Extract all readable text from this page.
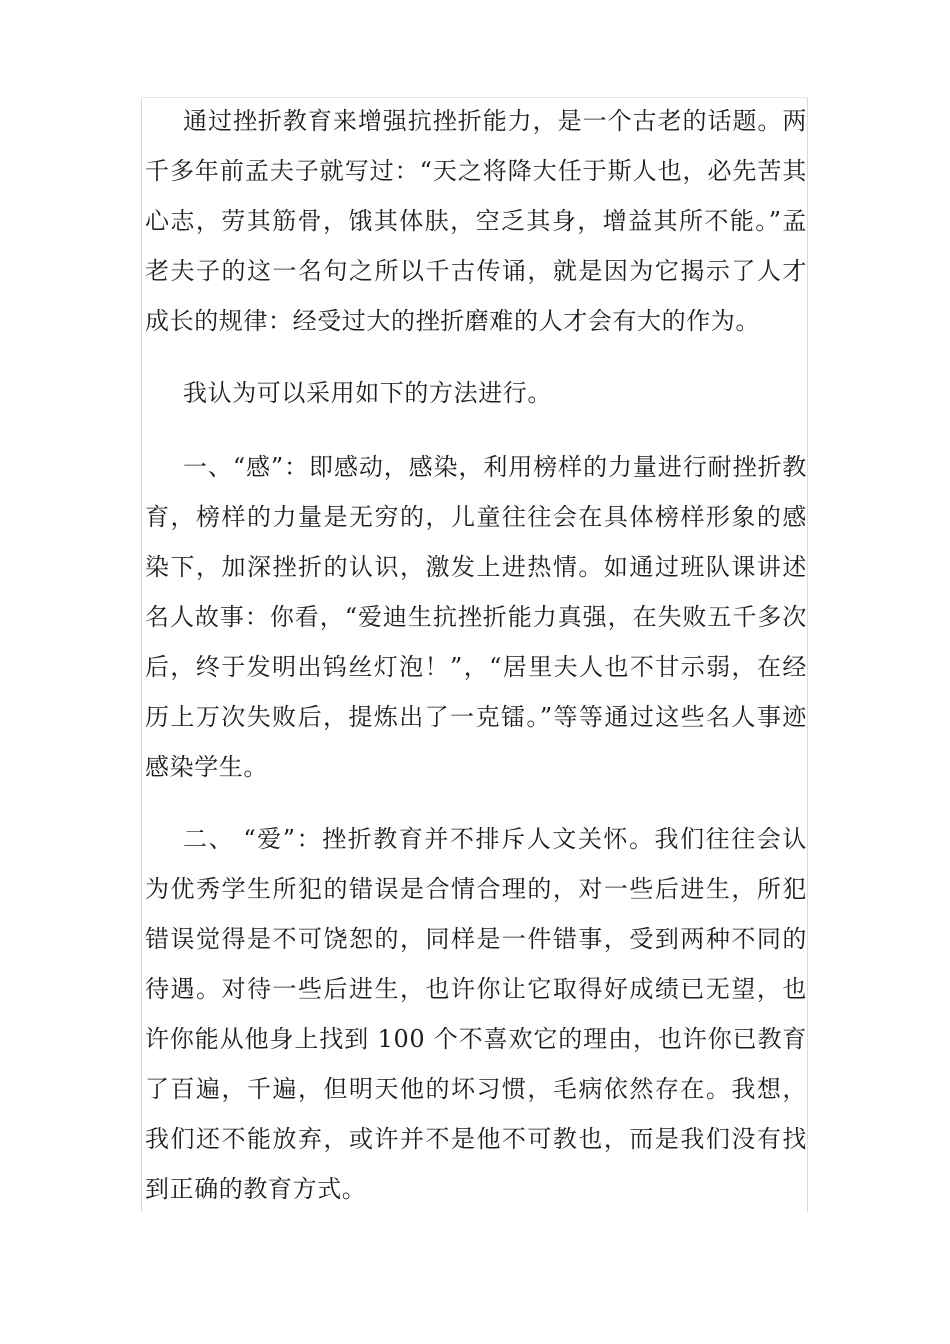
通过挫折教育来增强抗挫折能力，是一个古老的话题。两千多年前孟夫子就写过：“天之将降大任于斯人也，必先苦其心志，劳其筋骨，饿其体肤，空乏其身，增益其所不能。”孟老夫子的这一名句之所以千古传诵，就是因为它揭示了人才成长的规律：经受过大的挫折磨难的人才会有大的作为。

我认为可以采用如下的方法进行。

一、“感”：即感动，感染，利用榜样的力量进行耐挫折教育，榜样的力量是无穷的，儿童往往会在具体榜样形象的感染下，加深挫折的认识，激发上进热情。如通过班队课讲述名人故事：你看，“爱迪生抗挫折能力真强，在失败五千多次后，终于发明出钨丝灯泡！”，“居里夫人也不甘示弱，在经历上万次失败后，提炼出了一克镭。”等等通过这些名人事迹感染学生。

二、 “爱”：挫折教育并不排斥人文关怀。我们往往会认为优秀学生所犯的错误是合情合理的，对一些后进生，所犯错误觉得是不可饶恕的，同样是一件错事，受到两种不同的待遇。对待一些后进生，也许你让它取得好成绩已无望，也许你能从他身上找到 100 个不喜欢它的理由，也许你已教育了百遍，千遍，但明天他的坏习惯，毛病依然存在。我想，我们还不能放弃，或许并不是他不可教也，而是我们没有找到正确的教育方式。
